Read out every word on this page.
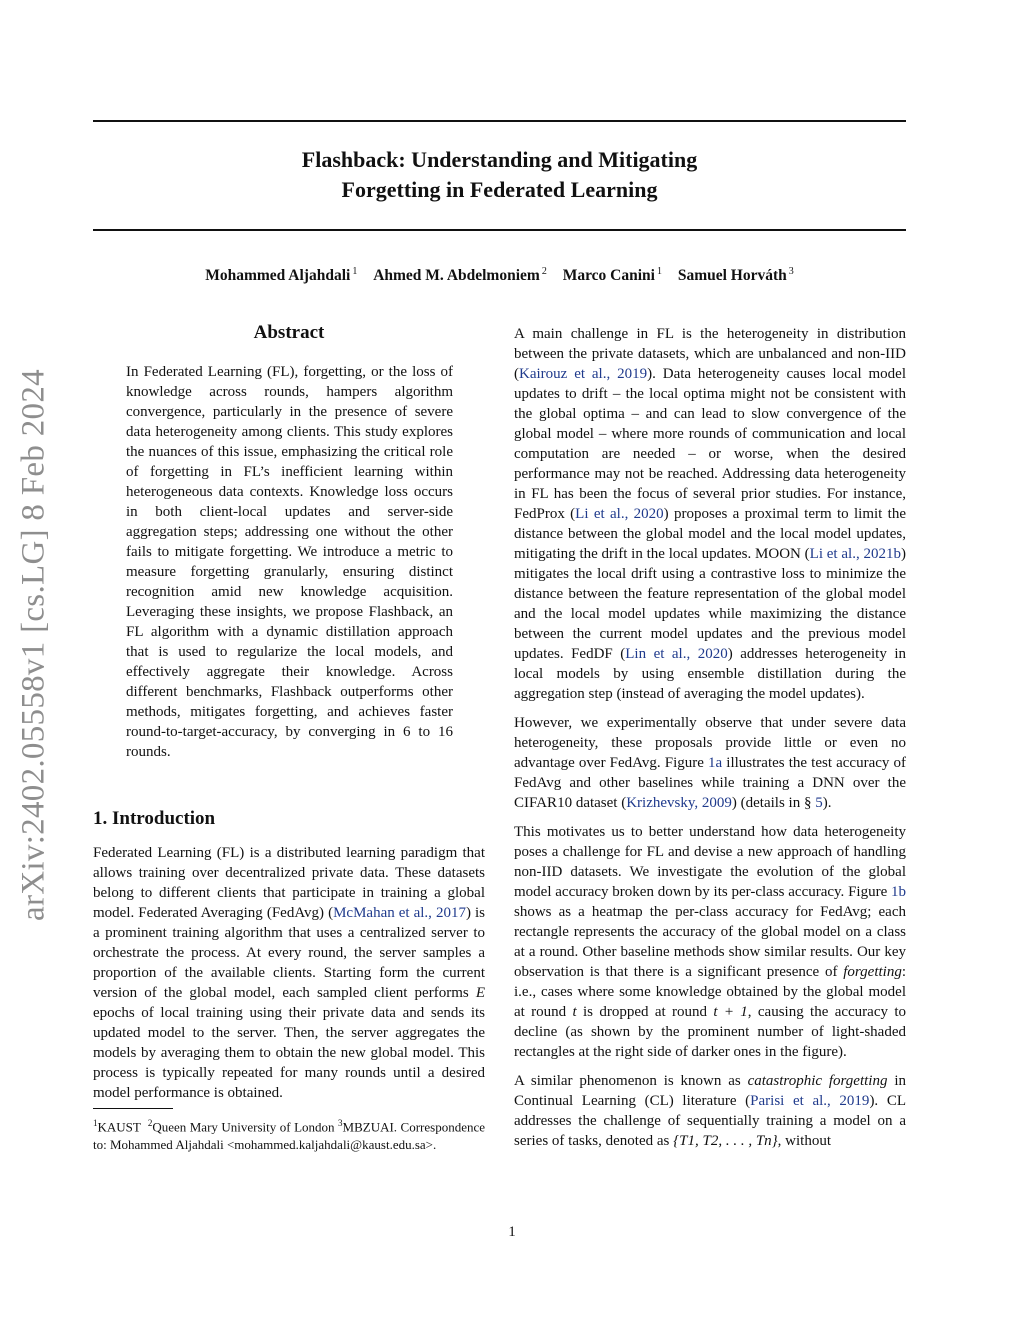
Flashback: Understanding and Mitigating
Forgetting in Federated Learning
Mohammed Aljahdali $^1$ Ahmed M. Abdelmoniem $^2$ Marco Canini $^1$ Samuel Horváth $^3$
arXiv:2402.05558v1 [cs.LG] 8 Feb 2024
Abstract
In Federated Learning (FL), forgetting, or the loss of knowledge across rounds, hampers algorithm convergence, particularly in the presence of severe data heterogeneity among clients. This study explores the nuances of this issue, emphasizing the critical role of forgetting in FL’s inefficient learning within heterogeneous data contexts. Knowledge loss occurs in both client-local updates and server-side aggregation steps; addressing one without the other fails to mitigate forgetting. We introduce a metric to measure forgetting granularly, ensuring distinct recognition amid new knowledge acquisition. Leveraging these insights, we propose Flashback, an FL algorithm with a dynamic distillation approach that is used to regularize the local models, and effectively aggregate their knowledge. Across different benchmarks, Flashback outperforms other methods, mitigates forgetting, and achieves faster round-to-target-accuracy, by converging in 6 to 16 rounds.
1. Introduction
Federated Learning (FL) is a distributed learning paradigm that allows training over decentralized private data. These datasets belong to different clients that participate in training a global model. Federated Averaging (FedAvg) (McMahan et al., 2017) is a prominent training algorithm that uses a centralized server to orchestrate the process. At every round, the server samples a proportion of the available clients. Starting form the current version of the global model, each sampled client performs E epochs of local training using their private data and sends its updated model to the server. Then, the server aggregates the models by averaging them to obtain the new global model. This process is typically repeated for many rounds until a desired model performance is obtained.
$^1$KAUST $^2$Queen Mary University of London $^3$MBZUAI. Correspondence to: Mohammed Aljahdali <mohammed.kaljahdali@kaust.edu.sa>.

A main challenge in FL is the heterogeneity in distribution between the private datasets, which are unbalanced and non-IID (Kairouz et al., 2019). Data heterogeneity causes local model updates to drift – the local optima might not be consistent with the global optima – and can lead to slow convergence of the global model – where more rounds of communication and local computation are needed – or worse, when the desired performance may not be reached. Addressing data heterogeneity in FL has been the focus of several prior studies. For instance, FedProx (Li et al., 2020) proposes a proximal term to limit the distance between the global model and the local model updates, mitigating the drift in the local updates. MOON (Li et al., 2021b) mitigates the local drift using a contrastive loss to minimize the distance between the feature representation of the global model and the local model updates while maximizing the distance between the current model updates and the previous model updates. FedDF (Lin et al., 2020) addresses heterogeneity in local models by using ensemble distillation during the aggregation step (instead of averaging the model updates).

However, we experimentally observe that under severe data heterogeneity, these proposals provide little or even no advantage over FedAvg. Figure 1a illustrates the test accuracy of FedAvg and other baselines while training a DNN over the CIFAR10 dataset (Krizhevsky, 2009) (details in § 5).

This motivates us to better understand how data heterogeneity poses a challenge for FL and devise a new approach of handling non-IID datasets. We investigate the evolution of the global model accuracy broken down by its per-class accuracy. Figure 1b shows as a heatmap the per-class accuracy for FedAvg; each rectangle represents the accuracy of the global model on a class at a round. Other baseline methods show similar results. Our key observation is that there is a significant presence of forgetting: i.e., cases where some knowledge obtained by the global model at round t is dropped at round t + 1, causing the accuracy to decline (as shown by the prominent number of light-shaded rectangles at the right side of darker ones in the figure).

A similar phenomenon is known as catastrophic forgetting in Continual Learning (CL) literature (Parisi et al., 2019). CL addresses the challenge of sequentially training a model on a series of tasks, denoted as {T1, T2, . . . , Tn}, without

1
